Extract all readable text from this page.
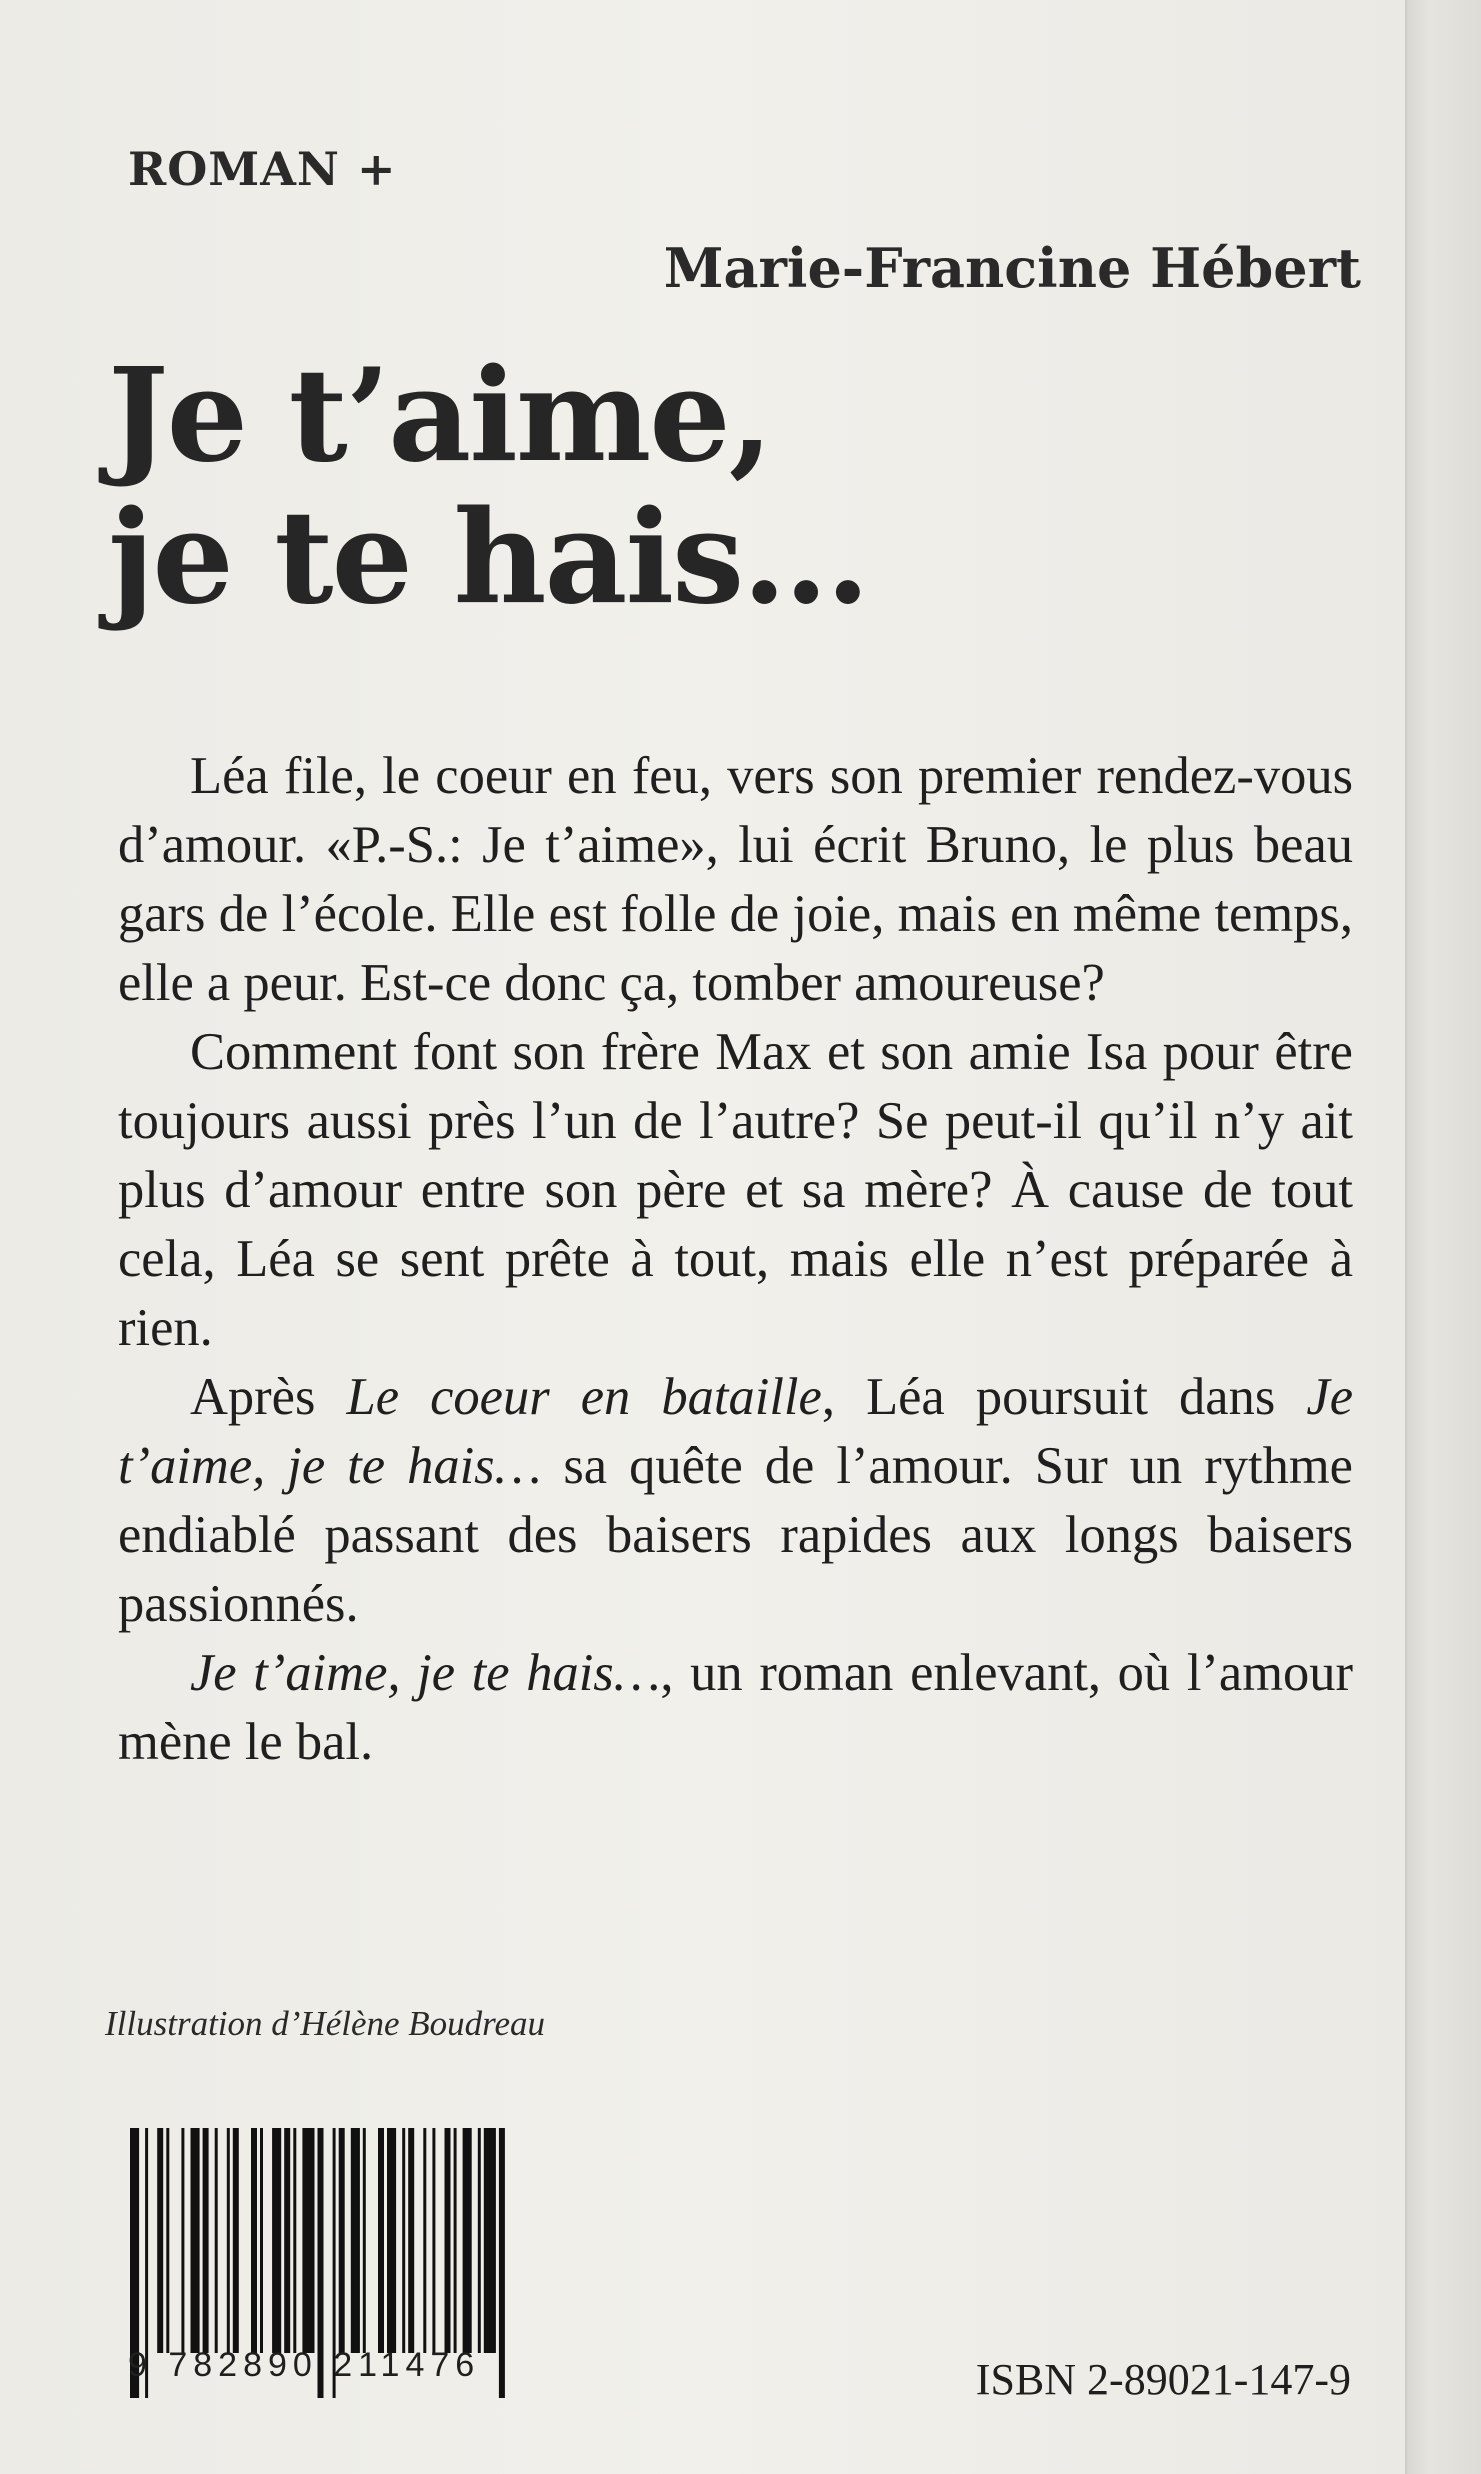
ROMAN +
Marie-Francine Hébert
Je t’aime,
je te hais…

Léa file, le coeur en feu, vers son premier rendez-vous d’amour. «P.-S.: Je t’aime», lui écrit Bruno, le plus beau gars de l’école. Elle est folle de joie, mais en même temps, elle a peur. Est-ce donc ça, tomber amoureuse?

Comment font son frère Max et son amie Isa pour être toujours aussi près l’un de l’autre? Se peut-il qu’il n’y ait plus d’amour entre son père et sa mère? À cause de tout cela, Léa se sent prête à tout, mais elle n’est préparée à rien.

Après Le coeur en bataille, Léa poursuit dans Je t’aime, je te hais… sa quête de l’amour. Sur un rythme endiablé passant des baisers rapides aux longs baisers passionnés.

Je t’aime, je te hais…, un roman enlevant, où l’amour mène le bal.

Illustration d’Hélène Boudreau
9 782890 211476	ISBN 2-89021-147-9
